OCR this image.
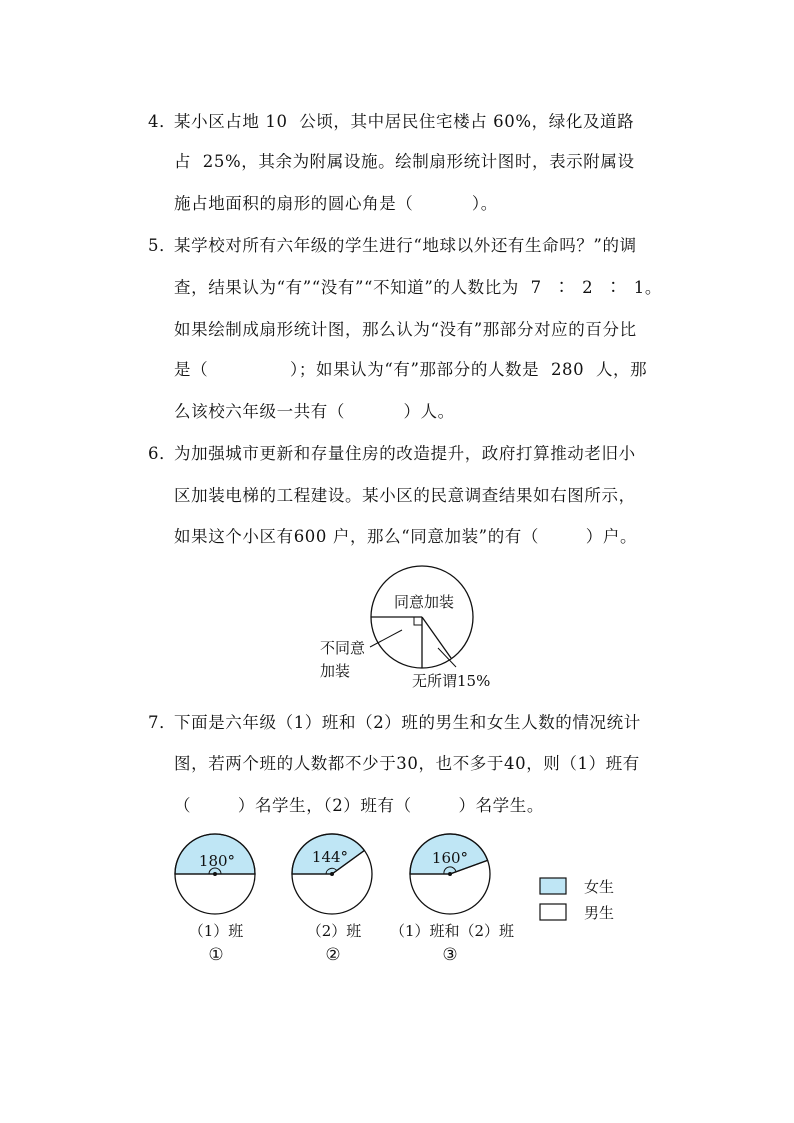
4．
某小区占地 10  公顷，其中居民住宅楼占 60%，绿化及道路
占  25%，其余为附属设施。绘制扇形统计图时，表示附属设
施占地面积的扇形的圆心角是（          ）。
5．
某学校对所有六年级的学生进行“地球以外还有生命吗？”的调
查，结果认为“有”“没有”“不知道”的人数比为  7  ∶  2  ∶  1。
如果绘制成扇形统计图，那么认为“没有”那部分对应的百分比
是（              ）；如果认为“有”那部分的人数是  280  人，那
么该校六年级一共有（          ）人。
6．
为加强城市更新和存量住房的改造提升，政府打算推动老旧小
区加装电梯的工程建设。某小区的民意调查结果如右图所示，
如果这个小区有600 户，那么“同意加装”的有（        ）户。
同意加装
不同意
加装
无所谓15%
7．
下面是六年级（1）班和（2）班的男生和女生人数的情况统计
图，若两个班的人数都不少于30，也不多于40，则（1）班有
（        ）名学生，（2）班有（        ）名学生。
180°
（1）班
①
144°
（2）班
②
160°
（1）班和（2）班
③
女生
男生
